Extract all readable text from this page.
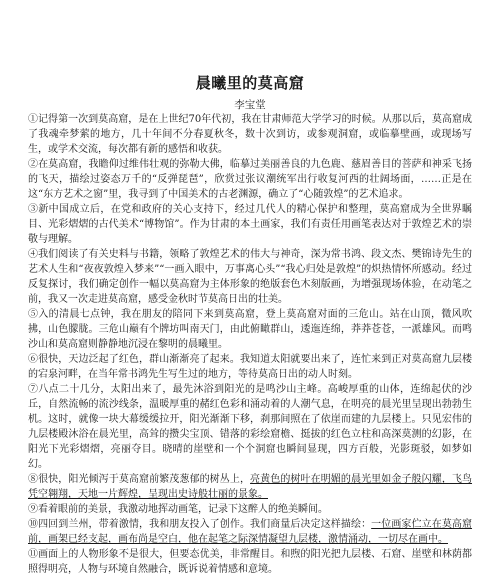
晨曦里的莫高窟
李宝堂

①记得第一次到莫高窟，是在上世纪70年代初，我在甘肃师范大学学习的时候。从那以后，莫高窟成了我魂牵梦萦的地方，几十年间不分春夏秋冬，数十次到访，或参观洞窟，或临摹壁画，或现场写生，或学术交流，每次都有新的感悟和收获。

②在莫高窟，我瞻仰过维伟壮观的弥勒大佛，临摹过美丽善良的九色鹿、慈眉善目的菩萨和神采飞扬的飞天，描绘过姿态万千的“反弹琵琶”，欣赏过张议潮统军出行收复河西的壮阔场面，……正是在这“东方艺术之窗”里，我寻到了中国美术的古老渊源，确立了“心随敦煌”的艺术追求。

③新中国成立后，在党和政府的关心支持下，经过几代人的精心保护和整理，莫高窟成为全世界瞩目、光彩熠熠的古代美术“博物馆”。作为甘肃的本土画家，我们有责任用画笔表达对于敦煌艺术的崇敬与理解。

④我们阅读了有关史料与书籍，领略了敦煌艺术的伟大与神奇，深为常书鸿、段文杰、樊锦诗先生的艺术人生和“夜夜敦煌入梦来”“一画入眼中，万事离心头”“我心归处是敦煌”的炽热情怀所感动。经过反复探讨，我们确定创作一幅以莫高窟为主体形象的绝版套色木刻版画，为增强现场体验，在动笔之前，我又一次走进莫高窟，感受金秋时节莫高日出的壮美。

⑤入的清晨七点钟，我在朋友的陪同下来到莫高窟，登上莫高窟对面的三危山。站在山顶，微风吹拂，山色朦胧。三危山巅有个牌坊叫南天门，由此俯瞰群山，逶迤连绵，莽莽苍苍，一派雄风。而鸣沙山和莫高窟则静静地沉浸在黎明的晨曦里。

⑥很快，天边泛起了红色，群山渐渐亮了起来。我知道太阳就要出来了，连忙来到正对莫高窟九层楼的宕泉河畔，在当年常书鸿先生写生过的地方，等待莫高日出的动人时刻。

⑦八点二十几分，太阳出来了，最先沐浴到阳光的是鸣沙山主峰。高峻厚重的山体，连绵起伏的沙丘，自然流畅的流沙线条，温暖厚重的赭红色彩和涌动着的人潮气息，在明亮的晨光里呈现出勃勃生机。这时，就像一块大幕缓缓拉开，阳光渐渐下移，刹那间照在了依崖而建的九层楼上。只见宏伟的九层楼殿沐浴在晨光里，高耸的攒尖宝顶、错落的彩绘窟檐、挺拔的红色立柱和高深莫测的幻影，在阳光下光彩熠熠，亮丽夺目。晓晴的崖壁和一个个洞窟也瞬间显现，四方百般，光影斑驳，如梦如幻。

⑧很快，阳光倾泻于莫高窟前繁茂葱郁的树丛上，亮黄色的树叶在明媚的晨光里如金子般闪耀，飞鸟凭空翱翔，天地一片辉煌，呈现出史诗般壮丽的景象。

⑨看着眼前的美景，我激动地挥动画笔，记录下这醉人的绝美瞬间。

⑩四回到兰州，带着激情，我和朋友投入了创作。我们商量后决定这样描绘：一位画家伫立在莫高窟前，画架已经支起，画布尚是空白，他在起笔之际深情凝望九层楼，激情涌动，一切尽在画中。

⑪画面上的人物形象不是很大，但要态优美，非常醒目。和煦的阳光把九层楼、石窟、崖壁和林荫都照得明亮，人物与环境自然融合，既诉说着情感和意境。
